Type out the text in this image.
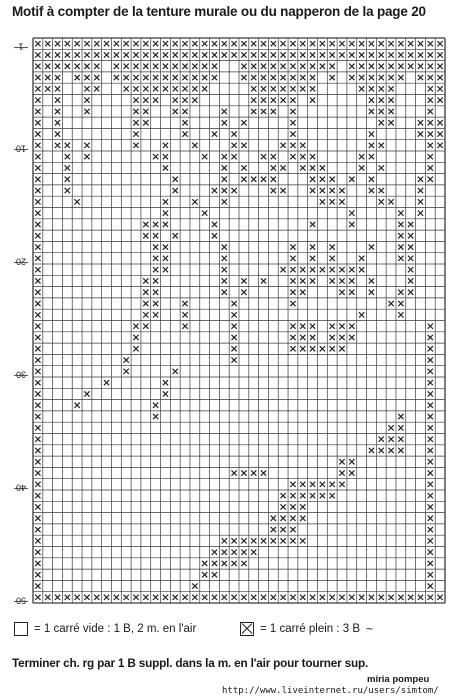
Motif à compter de la tenture murale ou du napperon de la page 20
1
10
20
30
40
50
= 1 carré vide : 1 B, 2 m. en l'air	= 1 carré plein : 3 B ~
Terminer ch. rg par 1 B suppl. dans la m. en l'air pour tourner sup.
miria pompeu
http://www.liveinternet.ru/users/simtom/
